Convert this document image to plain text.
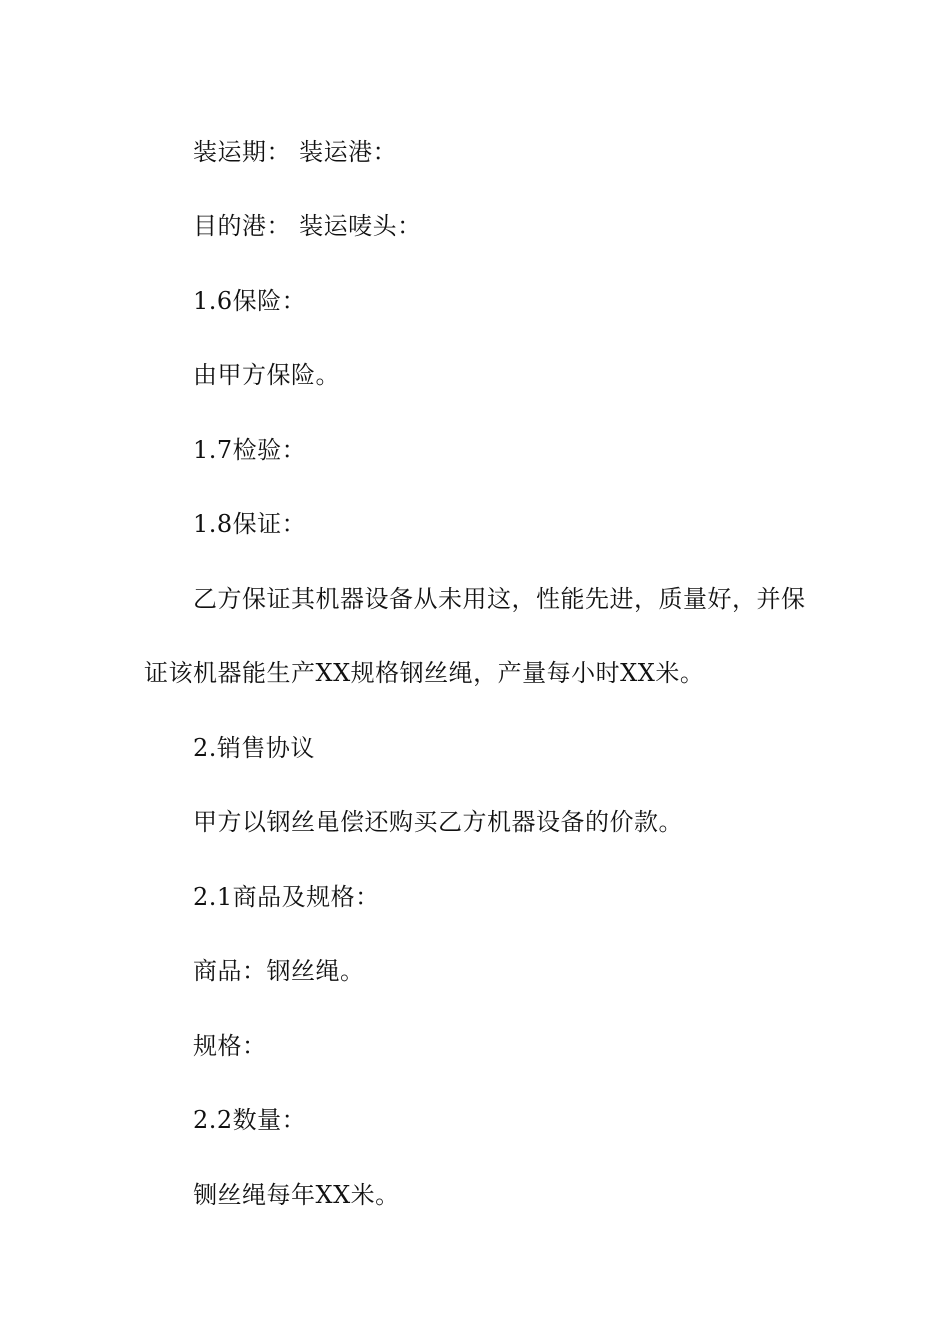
装运期： 装运港：
目的港： 装运唛头：
1.6保险：
由甲方保险。
1.7检验：
1.8保证：
乙方保证其机器设备从未用这，性能先进，质量好，并保
证该机器能生产XX规格钢丝绳，产量每小时XX米。
2.销售协议
甲方以钢丝黾偿还购买乙方机器设备的价款。
2.1商品及规格：
商品：钢丝绳。
规格：
2.2数量：
铡丝绳每年XX米。
